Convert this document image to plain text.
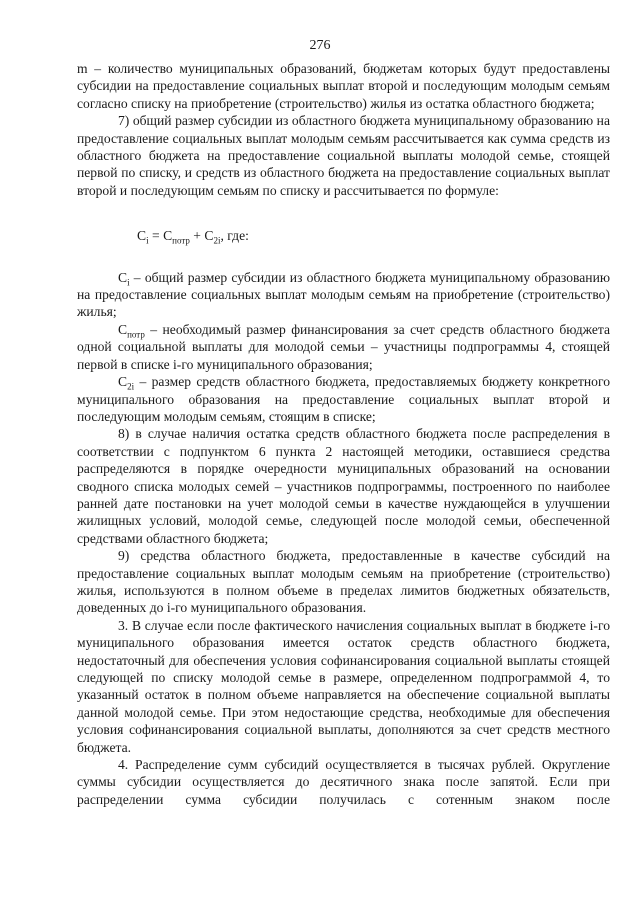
276

m – количество муниципальных образований, бюджетам которых будут предоставлены субсидии на предоставление социальных выплат второй и последующим молодым семьям согласно списку на приобретение (строительство) жилья из остатка областного бюджета;

7) общий размер субсидии из областного бюджета муниципальному образованию на предоставление социальных выплат молодым семьям рассчитывается как сумма средств из областного бюджета на предоставление социальной выплаты молодой семье, стоящей первой по списку, и средств из областного бюджета на предоставление социальных выплат второй и последующим семьям по списку и рассчитывается по формуле:

$C_i = C_{потр} + C_{2i}$, где:

$C_i$ – общий размер субсидии из областного бюджета муниципальному образованию на предоставление социальных выплат молодым семьям на приобретение (строительство) жилья;

$C_{потр}$ – необходимый размер финансирования за счет средств областного бюджета одной социальной выплаты для молодой семьи – участницы подпрограммы 4, стоящей первой в списке i-го муниципального образования;

$C_{2i}$ – размер средств областного бюджета, предоставляемых бюджету конкретного муниципального образования на предоставление социальных выплат второй и последующим молодым семьям, стоящим в списке;

8) в случае наличия остатка средств областного бюджета после распределения в соответствии с подпунктом 6 пункта 2 настоящей методики, оставшиеся средства распределяются в порядке очередности муниципальных образований на основании сводного списка молодых семей – участников подпрограммы, построенного по наиболее ранней дате постановки на учет молодой семьи в качестве нуждающейся в улучшении жилищных условий, молодой семье, следующей после молодой семьи, обеспеченной средствами областного бюджета;

9) средства областного бюджета, предоставленные в качестве субсидий на предоставление социальных выплат молодым семьям на приобретение (строительство) жилья, используются в полном объеме в пределах лимитов бюджетных обязательств, доведенных до i-го муниципального образования.

3. В случае если после фактического начисления социальных выплат в бюджете i-го муниципального образования имеется остаток средств областного бюджета, недостаточный для обеспечения условия софинансирования социальной выплаты стоящей следующей по списку молодой семье в размере, определенном подпрограммой 4, то указанный остаток в полном объеме направляется на обеспечение социальной выплаты данной молодой семье. При этом недостающие средства, необходимые для обеспечения условия софинансирования социальной выплаты, дополняются за счет средств местного бюджета.

4. Распределение сумм субсидий осуществляется в тысячах рублей. Округление суммы субсидии осуществляется до десятичного знака после запятой. Если при распределении сумма субсидии получилась с сотенным знаком после
